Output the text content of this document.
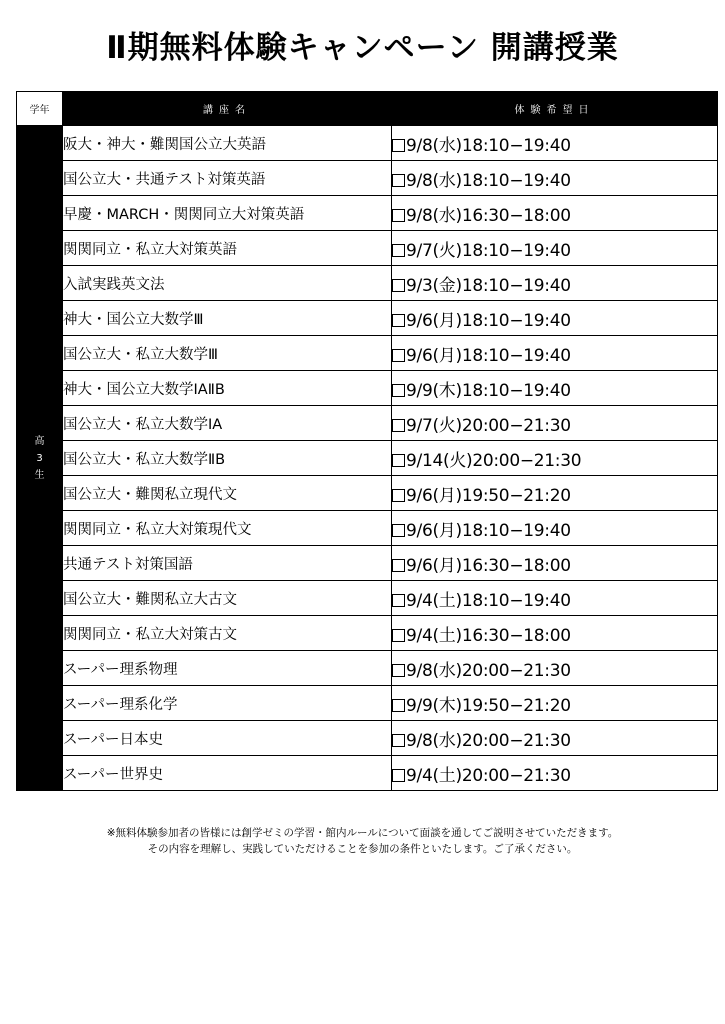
Ⅱ期無料体験キャンペーン 開講授業
学年	講座名	体験希望日
高3生	阪大・神大・難関国公立大英語	9/8(水)18:10−19:40
	国公立大・共通テスト対策英語	9/8(水)18:10−19:40
	早慶・MARCH・関関同立大対策英語	9/8(水)16:30−18:00
	関関同立・私立大対策英語	9/7(火)18:10−19:40
	入試実践英文法	9/3(金)18:10−19:40
	神大・国公立大数学Ⅲ	9/6(月)18:10−19:40
	国公立大・私立大数学Ⅲ	9/6(月)18:10−19:40
	神大・国公立大数学ⅠAⅡB	9/9(木)18:10−19:40
	国公立大・私立大数学ⅠA	9/7(火)20:00−21:30
	国公立大・私立大数学ⅡB	9/14(火)20:00−21:30
	国公立大・難関私立現代文	9/6(月)19:50−21:20
	関関同立・私立大対策現代文	9/6(月)18:10−19:40
	共通テスト対策国語	9/6(月)16:30−18:00
	国公立大・難関私立大古文	9/4(土)18:10−19:40
	関関同立・私立大対策古文	9/4(土)16:30−18:00
	スーパー理系物理	9/8(水)20:00−21:30
	スーパー理系化学	9/9(木)19:50−21:20
	スーパー日本史	9/8(水)20:00−21:30
	スーパー世界史	9/4(土)20:00−21:30
※無料体験参加者の皆様には創学ゼミの学習・館内ルールについて面談を通してご説明させていただきます。
その内容を理解し、実践していただけることを参加の条件といたします。ご了承ください。
